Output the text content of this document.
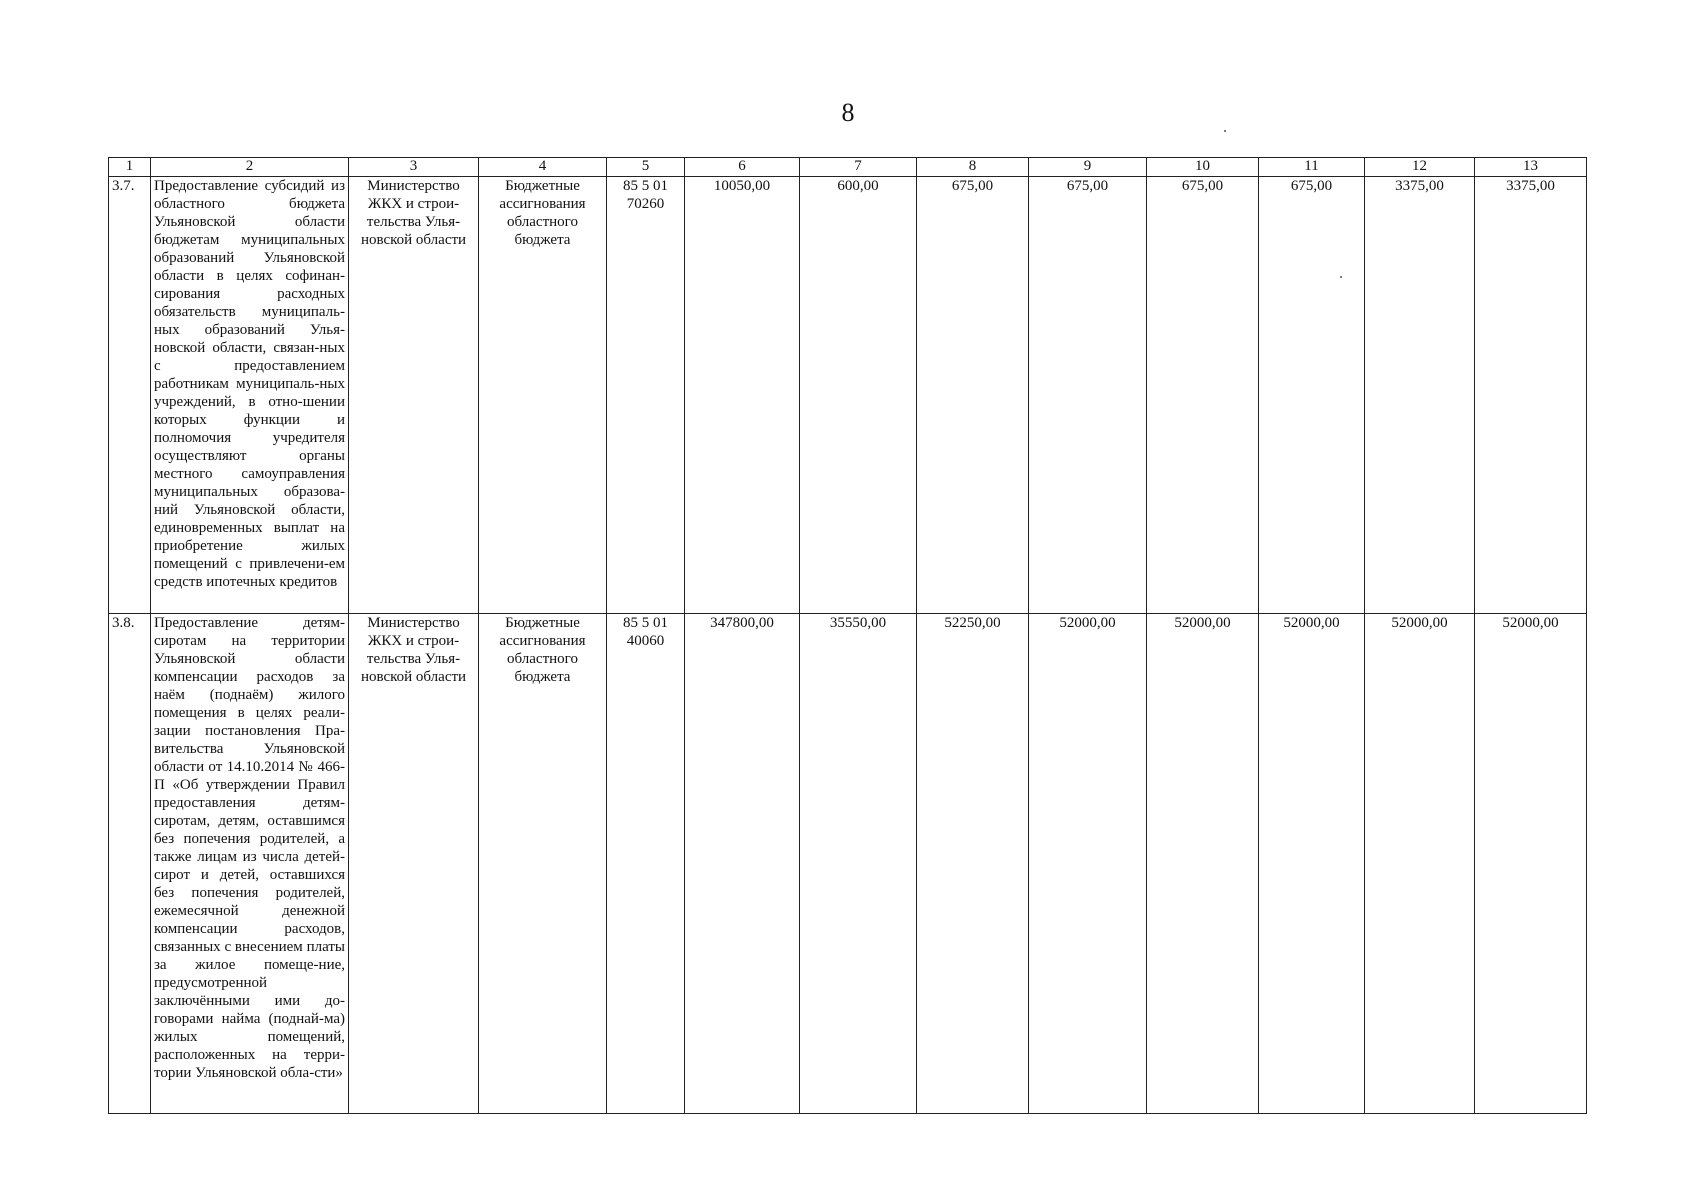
8
1	2	3	4	5	6	7	8	9	10	11	12	13
3.7.	Предоставление субсидий из областного бюджета Ульяновской области бюджетам муниципальных образований Ульяновской области в целях софинан-сирования расходных обязательств муниципаль-ных образований Улья-новской области, связан-ных с предоставлением работникам муниципаль-ных учреждений, в отно-шении которых функции и полномочия учредителя осуществляют органы местного самоуправления муниципальных образова-ний Ульяновской области, единовременных выплат на приобретение жилых помещений с привлечени-ем средств ипотечных кредитов	Министерство ЖКХ и строи-тельства Улья-новской области	Бюджетные ассигнования областного бюджета	85 5 01 70260	10050,00	600,00	675,00	675,00	675,00	675,00	3375,00	3375,00
3.8.	Предоставление детям-сиротам на территории Ульяновской области компенсации расходов за наём (поднаём) жилого помещения в целях реали-зации постановления Пра-вительства Ульяновской области от 14.10.2014 № 466-П «Об утверждении Правил предоставления детям-сиротам, детям, оставшимся без попечения родителей, а также лицам из числа детей-сирот и детей, оставшихся без попечения родителей, ежемесячной денежной компенсации расходов, связанных с внесением платы за жилое помеще-ние, предусмотренной заключёнными ими до-говорами найма (поднай-ма) жилых помещений, расположенных на терри-тории Ульяновской обла-сти»	Министерство ЖКХ и строи-тельства Улья-новской области	Бюджетные ассигнования областного бюджета	85 5 01 40060	347800,00	35550,00	52250,00	52000,00	52000,00	52000,00	52000,00	52000,00
